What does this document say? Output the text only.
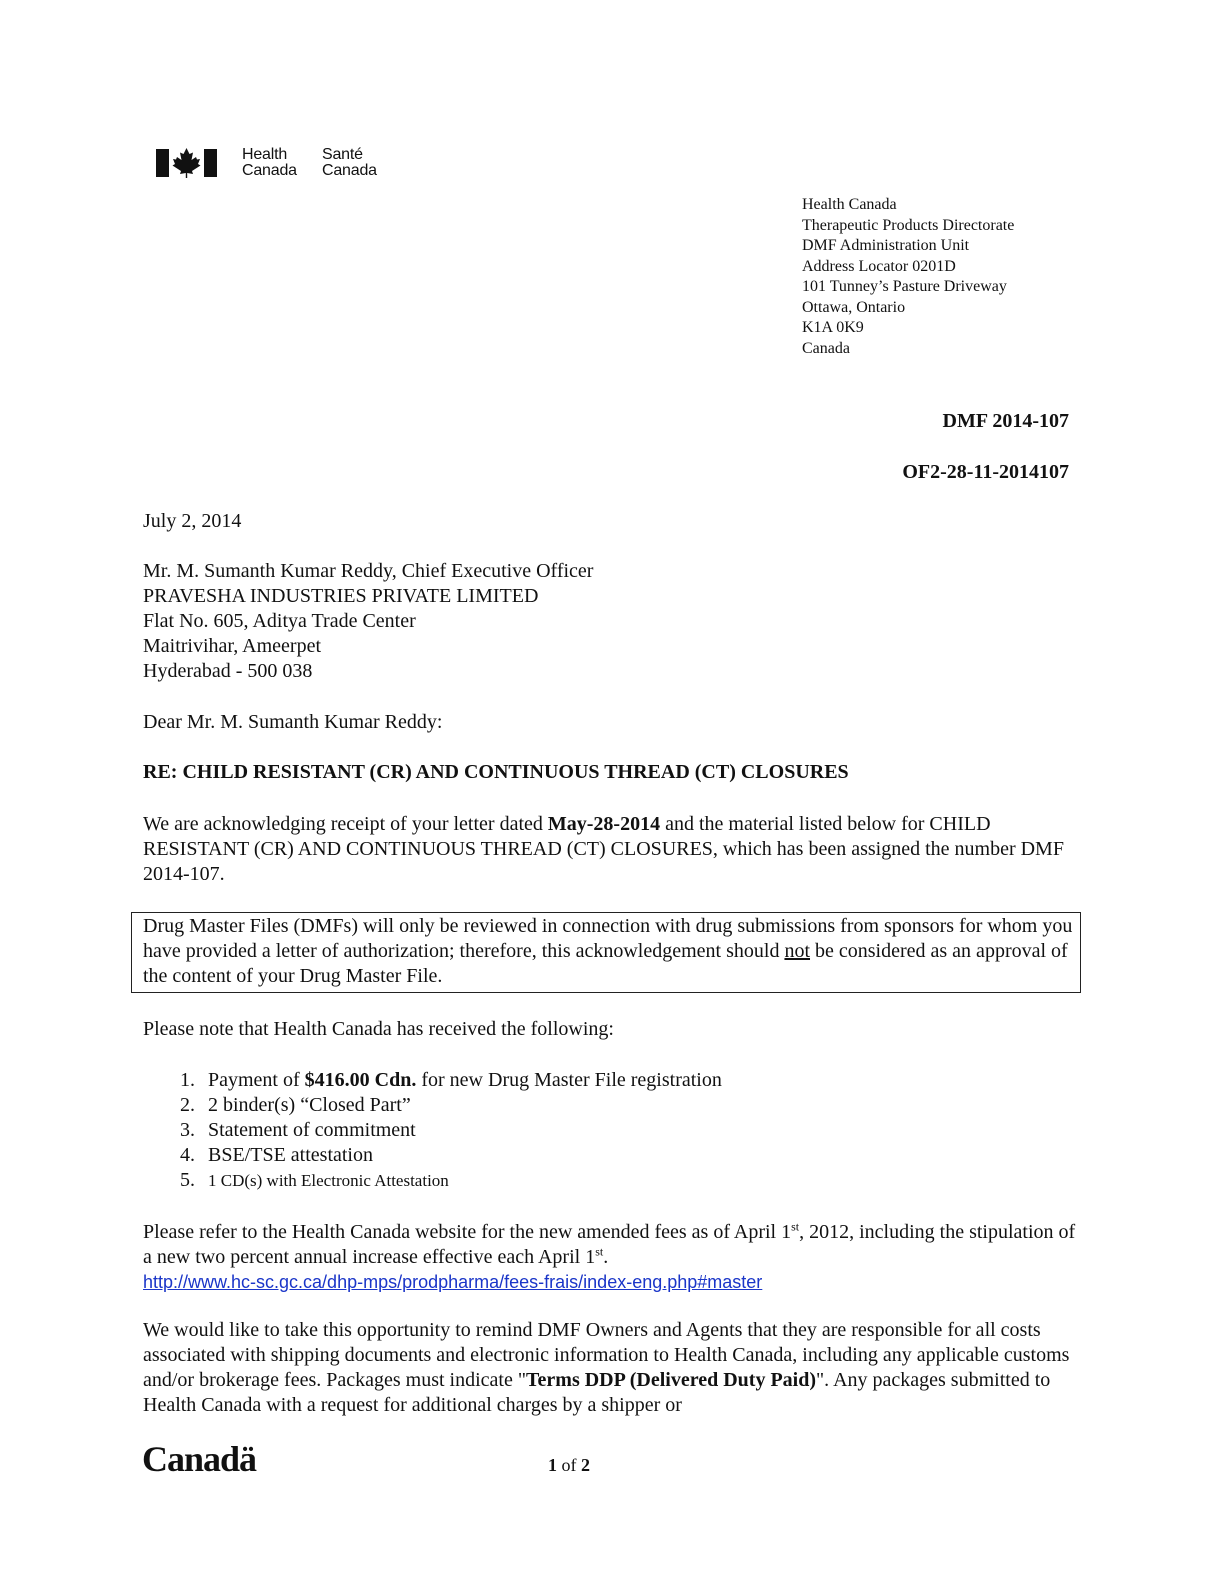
Health
Canada
Santé
Canada
Health Canada
Therapeutic Products Directorate
DMF Administration Unit
Address Locator 0201D
101 Tunney’s Pasture Driveway
Ottawa, Ontario
K1A 0K9
Canada
DMF 2014-107
OF2-28-11-2014107
July 2, 2014
Mr. M. Sumanth Kumar Reddy, Chief Executive Officer
PRAVESHA INDUSTRIES PRIVATE LIMITED
Flat No. 605, Aditya Trade Center
Maitrivihar, Ameerpet
Hyderabad - 500 038
Dear Mr. M. Sumanth Kumar Reddy:
RE: CHILD RESISTANT (CR) AND CONTINUOUS THREAD (CT) CLOSURES
We are acknowledging receipt of your letter dated May-28-2014 and the material listed below for CHILD RESISTANT (CR) AND CONTINUOUS THREAD (CT) CLOSURES, which has been assigned the number DMF 2014-107.
Drug Master Files (DMFs) will only be reviewed in connection with drug submissions from sponsors for whom you have provided a letter of authorization; therefore, this acknowledgement should not be considered as an approval of the content of your Drug Master File.
Please note that Health Canada has received the following:
1. Payment of $416.00 Cdn. for new Drug Master File registration
2. 2 binder(s) “Closed Part”
3. Statement of commitment
4. BSE/TSE attestation
5. 1 CD(s) with Electronic Attestation
Please refer to the Health Canada website for the new amended fees as of April 1st, 2012, including the stipulation of a new two percent annual increase effective each April 1st.
http://www.hc-sc.gc.ca/dhp-mps/prodpharma/fees-frais/index-eng.php#master
We would like to take this opportunity to remind DMF Owners and Agents that they are responsible for all costs associated with shipping documents and electronic information to Health Canada, including any applicable customs and/or brokerage fees. Packages must indicate "Terms DDP (Delivered Duty Paid)". Any packages submitted to Health Canada with a request for additional charges by a shipper or
Canadä	1 of 2
